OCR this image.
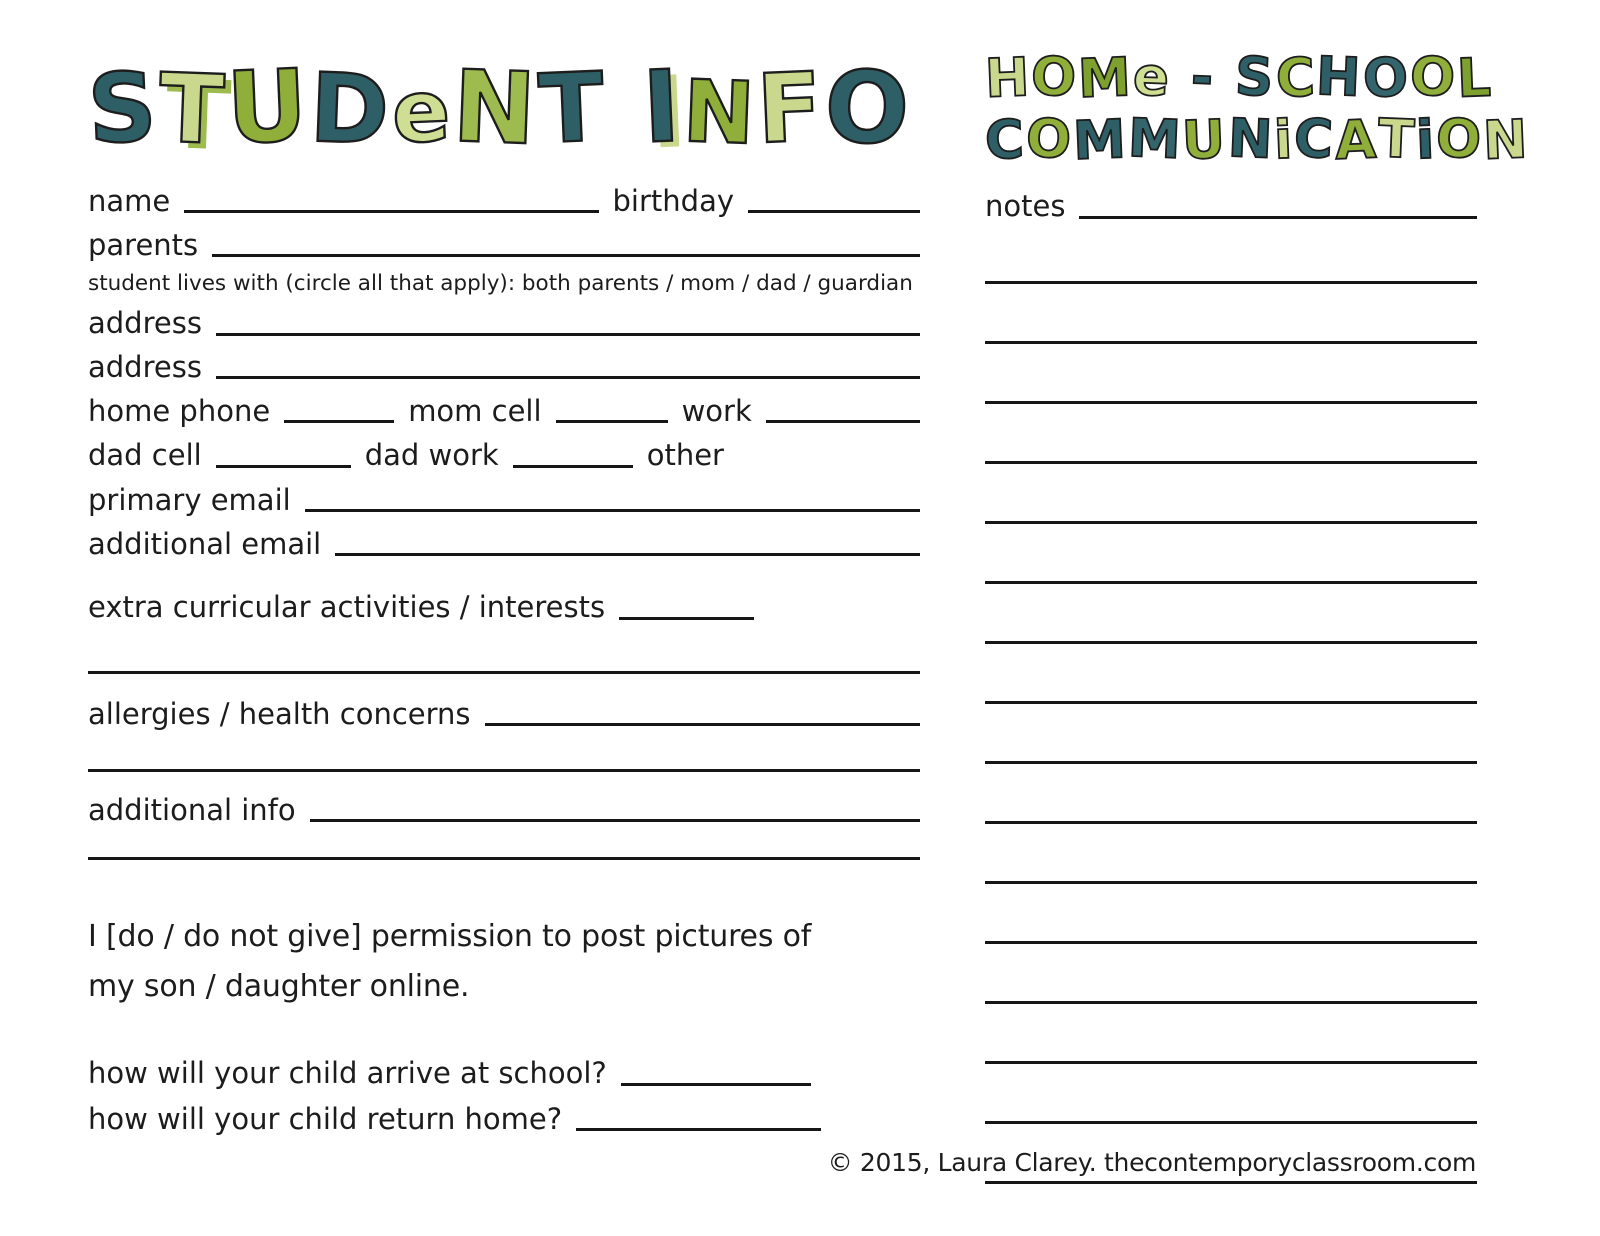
STUDeNT INFO
name	birthday
parents
student lives with (circle all that apply): both parents / mom / dad / guardian
address
address
home phone	mom cell	work
dad cell	dad work	other
primary email
additional email
extra curricular activities / interests
allergies / health concerns
additional info
I [do / do not give] permission to post pictures of
my son / daughter online.
how will your child arrive at school?
how will your child return home?
HOMe - SCHOOL
COMMUNiCATiON
notes
© 2015, Laura Clarey. thecontemporyclassroom.com
